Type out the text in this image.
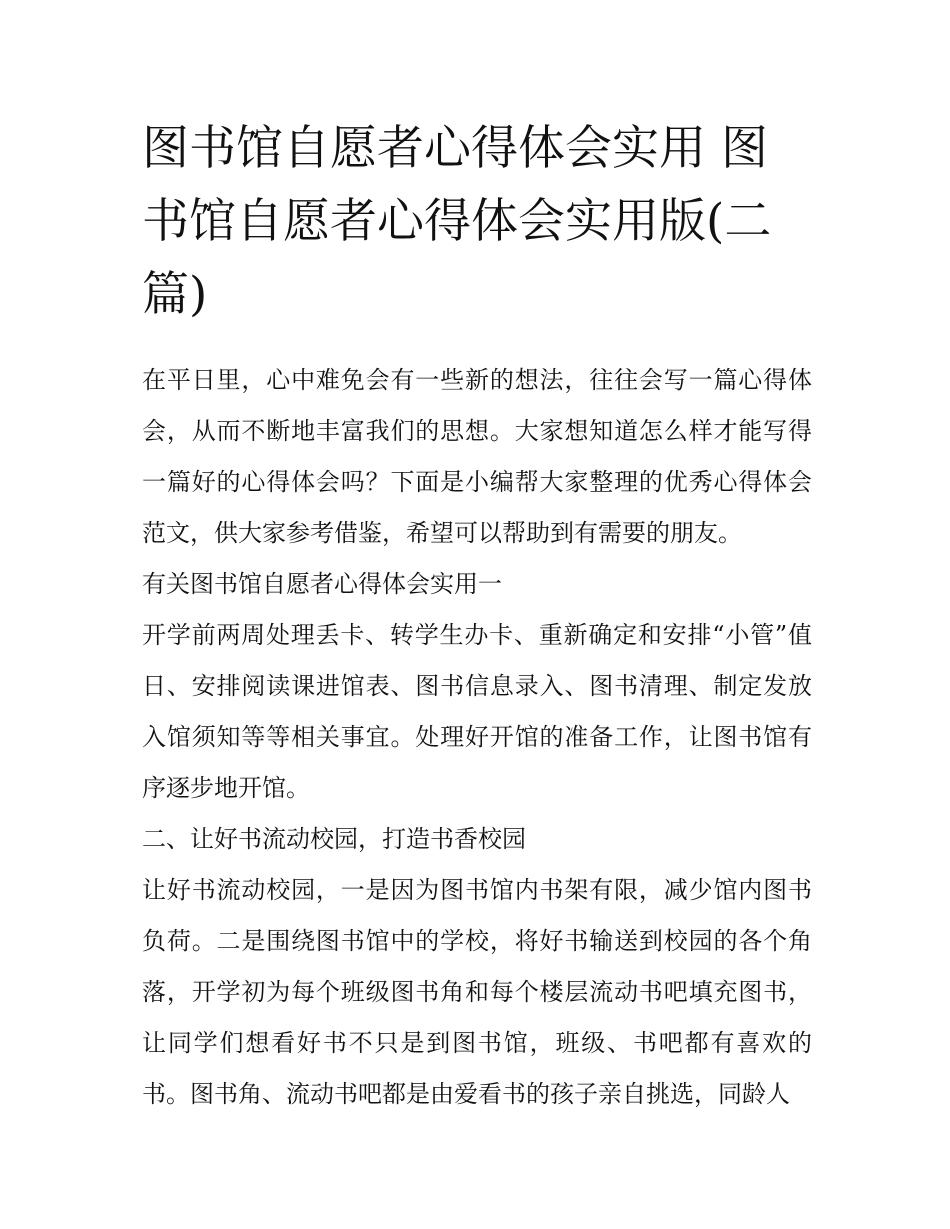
图书馆自愿者心得体会实用 图书馆自愿者心得体会实用版(二篇)

在平日里，心中难免会有一些新的想法，往往会写一篇心得体会，从而不断地丰富我们的思想。大家想知道怎么样才能写得一篇好的心得体会吗？下面是小编帮大家整理的优秀心得体会范文，供大家参考借鉴，希望可以帮助到有需要的朋友。

有关图书馆自愿者心得体会实用一

开学前两周处理丢卡、转学生办卡、重新确定和安排“小管”值日、安排阅读课进馆表、图书信息录入、图书清理、制定发放入馆须知等等相关事宜。处理好开馆的准备工作，让图书馆有序逐步地开馆。

二、让好书流动校园，打造书香校园

让好书流动校园，一是因为图书馆内书架有限，减少馆内图书负荷。二是围绕图书馆中的学校，将好书输送到校园的各个角落，开学初为每个班级图书角和每个楼层流动书吧填充图书，让同学们想看好书不只是到图书馆，班级、书吧都有喜欢的书。图书角、流动书吧都是由爱看书的孩子亲自挑选，同龄人
